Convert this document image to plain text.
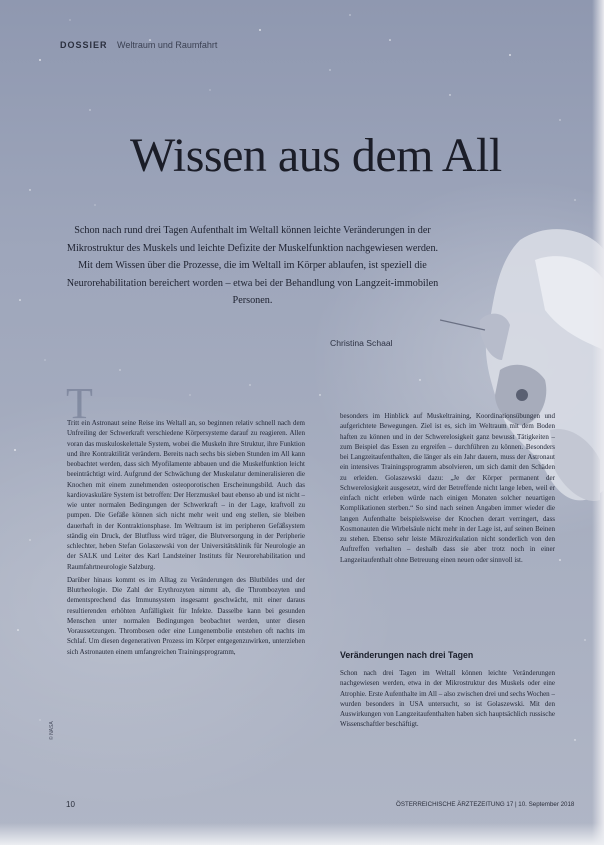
DOSSIER Weltraum und Raumfahrt
Wissen aus dem All
Schon nach rund drei Tagen Aufenthalt im Weltall können leichte Veränderungen in der Mikrostruktur des Muskels und leichte Defizite der Muskelfunktion nachgewiesen werden. Mit dem Wissen über die Prozesse, die im Weltall im Körper ablaufen, ist speziell die Neurorehabilitation bereichert worden – etwa bei der Behandlung von Langzeit-immobilen Personen.
Christina Schaal
T

Tritt ein Astronaut seine Reise ins Weltall an, so beginnen relativ schnell nach dem Unfreiling der Schwerkraft verschiedene Körpersysteme darauf zu reagieren. Allen voran das muskuloskelettale System, wobei die Muskeln ihre Struktur, ihre Funktion und ihre Kontraktilität verändern. Bereits nach sechs bis sieben Stunden im All kann beobachtet werden, dass sich Myofilamente abbauen und die Muskelfunktion leicht beeinträchtigt wird. Aufgrund der Schwächung der Muskulatur demineralisieren die Knochen mit einem zunehmenden osteoporotischen Erscheinungsbild. Auch das kardiovaskuläre System ist betroffen: Der Herzmuskel baut ebenso ab und ist nicht – wie unter normalen Bedingungen der Schwerkraft – in der Lage, kraftvoll zu pumpen. Die Gefäße können sich nicht mehr weit und eng stellen, sie bleiben dauerhaft in der Kontraktionsphase. Im Weltraum ist im peripheren Gefäßsystem ständig ein Druck, der Blutfluss wird träger, die Blutversorgung in der Peripherie schlechter, heben Stefan Golaszewski von der Universitätsklinik für Neurologie an der SALK und Leiter des Karl Landsteiner Instituts für Neurorehabilitation und Raumfahrtneurologie Salzburg.

Darüber hinaus kommt es im Alltag zu Veränderungen des Blutbildes und der Blutrheologie. Die Zahl der Erythrozyten nimmt ab, die Thrombozyten und dementsprechend das Immunsystem insgesamt geschwächt, mit einer daraus resultierenden erhöhten Anfälligkeit für Infekte. Dasselbe kann bei gesunden Menschen unter normalen Bedingungen beobachtet werden, unter diesen Voraussetzungen. Thrombosen oder eine Lungenembolie entstehen oft nachts im Schlaf. Um diesen degenerativen Prozess im Körper entgegenzuwirken, unterziehen sich Astronauten einem umfangreichen Trainingsprogramm,

besonders im Hinblick auf Muskeltraining, Koordinationsübungen und aufgerichtete Bewegungen. Ziel ist es, sich im Weltraum mit dem Boden haften zu können und in der Schwerelosigkeit ganz bewusst Tätigkeiten – zum Beispiel das Essen zu ergreifen – durchführen zu können. Besonders bei Langzeitaufenthalten, die länger als ein Jahr dauern, muss der Astronaut ein intensives Trainingsprogramm absolvieren, um sich damit den Schäden zu erleiden. Golaszewski dazu: „Je der Körper permanent der Schwerelosigkeit ausgesetzt, wird der Betreffende nicht lange leben, weil er einfach nicht erleben würde nach einigen Monaten solcher neuartigen Komplikationen sterben.“ So sind nach seinen Angaben immer wieder die langen Aufenthalte beispielsweise der Knochen derart verringert, dass Kosmonauten die Wirbelsäule nicht mehr in der Lage ist, auf seinen Beinen zu stehen. Ebenso sehr leiste Mikrozirkulation nicht sonderlich von den Auftreffen verhalten – deshalb dass sie aber trotz noch in einer Langzeitaufenthalt ohne Betreuung einen neuen oder sinnvoll ist.

Veränderungen nach drei Tagen

Schon nach drei Tagen im Weltall können leichte Veränderungen nachgewiesen werden, etwa in der Mikrostruktur des Muskels oder eine Atrophie. Erste Aufenthalte im All – also zwischen drei und sechs Wochen – wurden besonders in USA untersucht, so ist Golaszewski. Mit den Auswirkungen von Langzeitaufenthalten haben sich hauptsächlich russische Wissenschaftler beschäftigt.

© NASA
10	ÖSTERREICHISCHE ÄRZTEZEITUNG 17 | 10. September 2018
